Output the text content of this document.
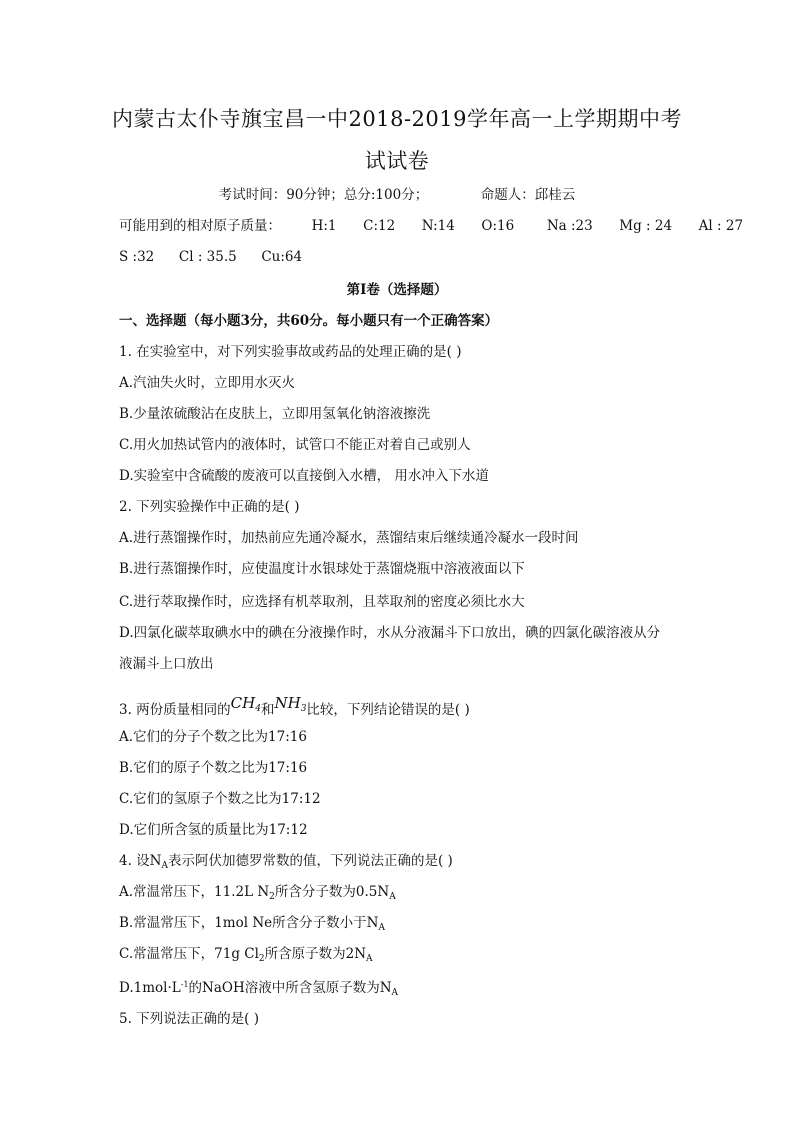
内蒙古太仆寺旗宝昌一中2018-2019学年高一上学期期中考
试试卷
考试时间：90分钟；总分:100分；	命题人：邱桂云
可能用到的相对原子质量： H:1 C:12 N:14 O:16 Na :23 Mg : 24 Al : 27
S :32 Cl : 35.5 Cu:64
第I卷（选择题）
一、选择题（每小题3分，共60分。每小题只有一个正确答案）
1. 在实验室中，对下列实验事故或药品的处理正确的是( )
A.汽油失火时，立即用水灭火
B.少量浓硫酸沾在皮肤上，立即用氢氧化钠溶液擦洗
C.用火加热试管内的液体时，试管口不能正对着自己或别人
D.实验室中含硫酸的废液可以直接倒入水槽， 用水冲入下水道
2. 下列实验操作中正确的是( )
A.进行蒸馏操作时，加热前应先通冷凝水，蒸馏结束后继续通冷凝水一段时间
B.进行蒸馏操作时，应使温度计水银球处于蒸馏烧瓶中溶液液面以下
C.进行萃取操作时，应选择有机萃取剂，且萃取剂的密度必须比水大
D.四氯化碳萃取碘水中的碘在分液操作时，水从分液漏斗下口放出，碘的四氯化碳溶液从分
液漏斗上口放出
3. 两份质量相同的$CH_4$和$NH_3$比较，下列结论错误的是( )
A.它们的分子个数之比为17:16
B.它们的原子个数之比为17:16
C.它们的氢原子个数之比为17:12
D.它们所含氢的质量比为17:12
4. 设$N_A$表示阿伏加德罗常数的值，下列说法正确的是( )
A.常温常压下，11.2L $N_2$所含分子数为$0.5N_A$
B.常温常压下，1mol Ne所含分子数小于$N_A$
C.常温常压下，71g $Cl_2$所含原子数为$2N_A$
$D.1mol\cdot L^{-1}$的NaOH溶液中所含氢原子数为$N_A$
5. 下列说法正确的是( )
